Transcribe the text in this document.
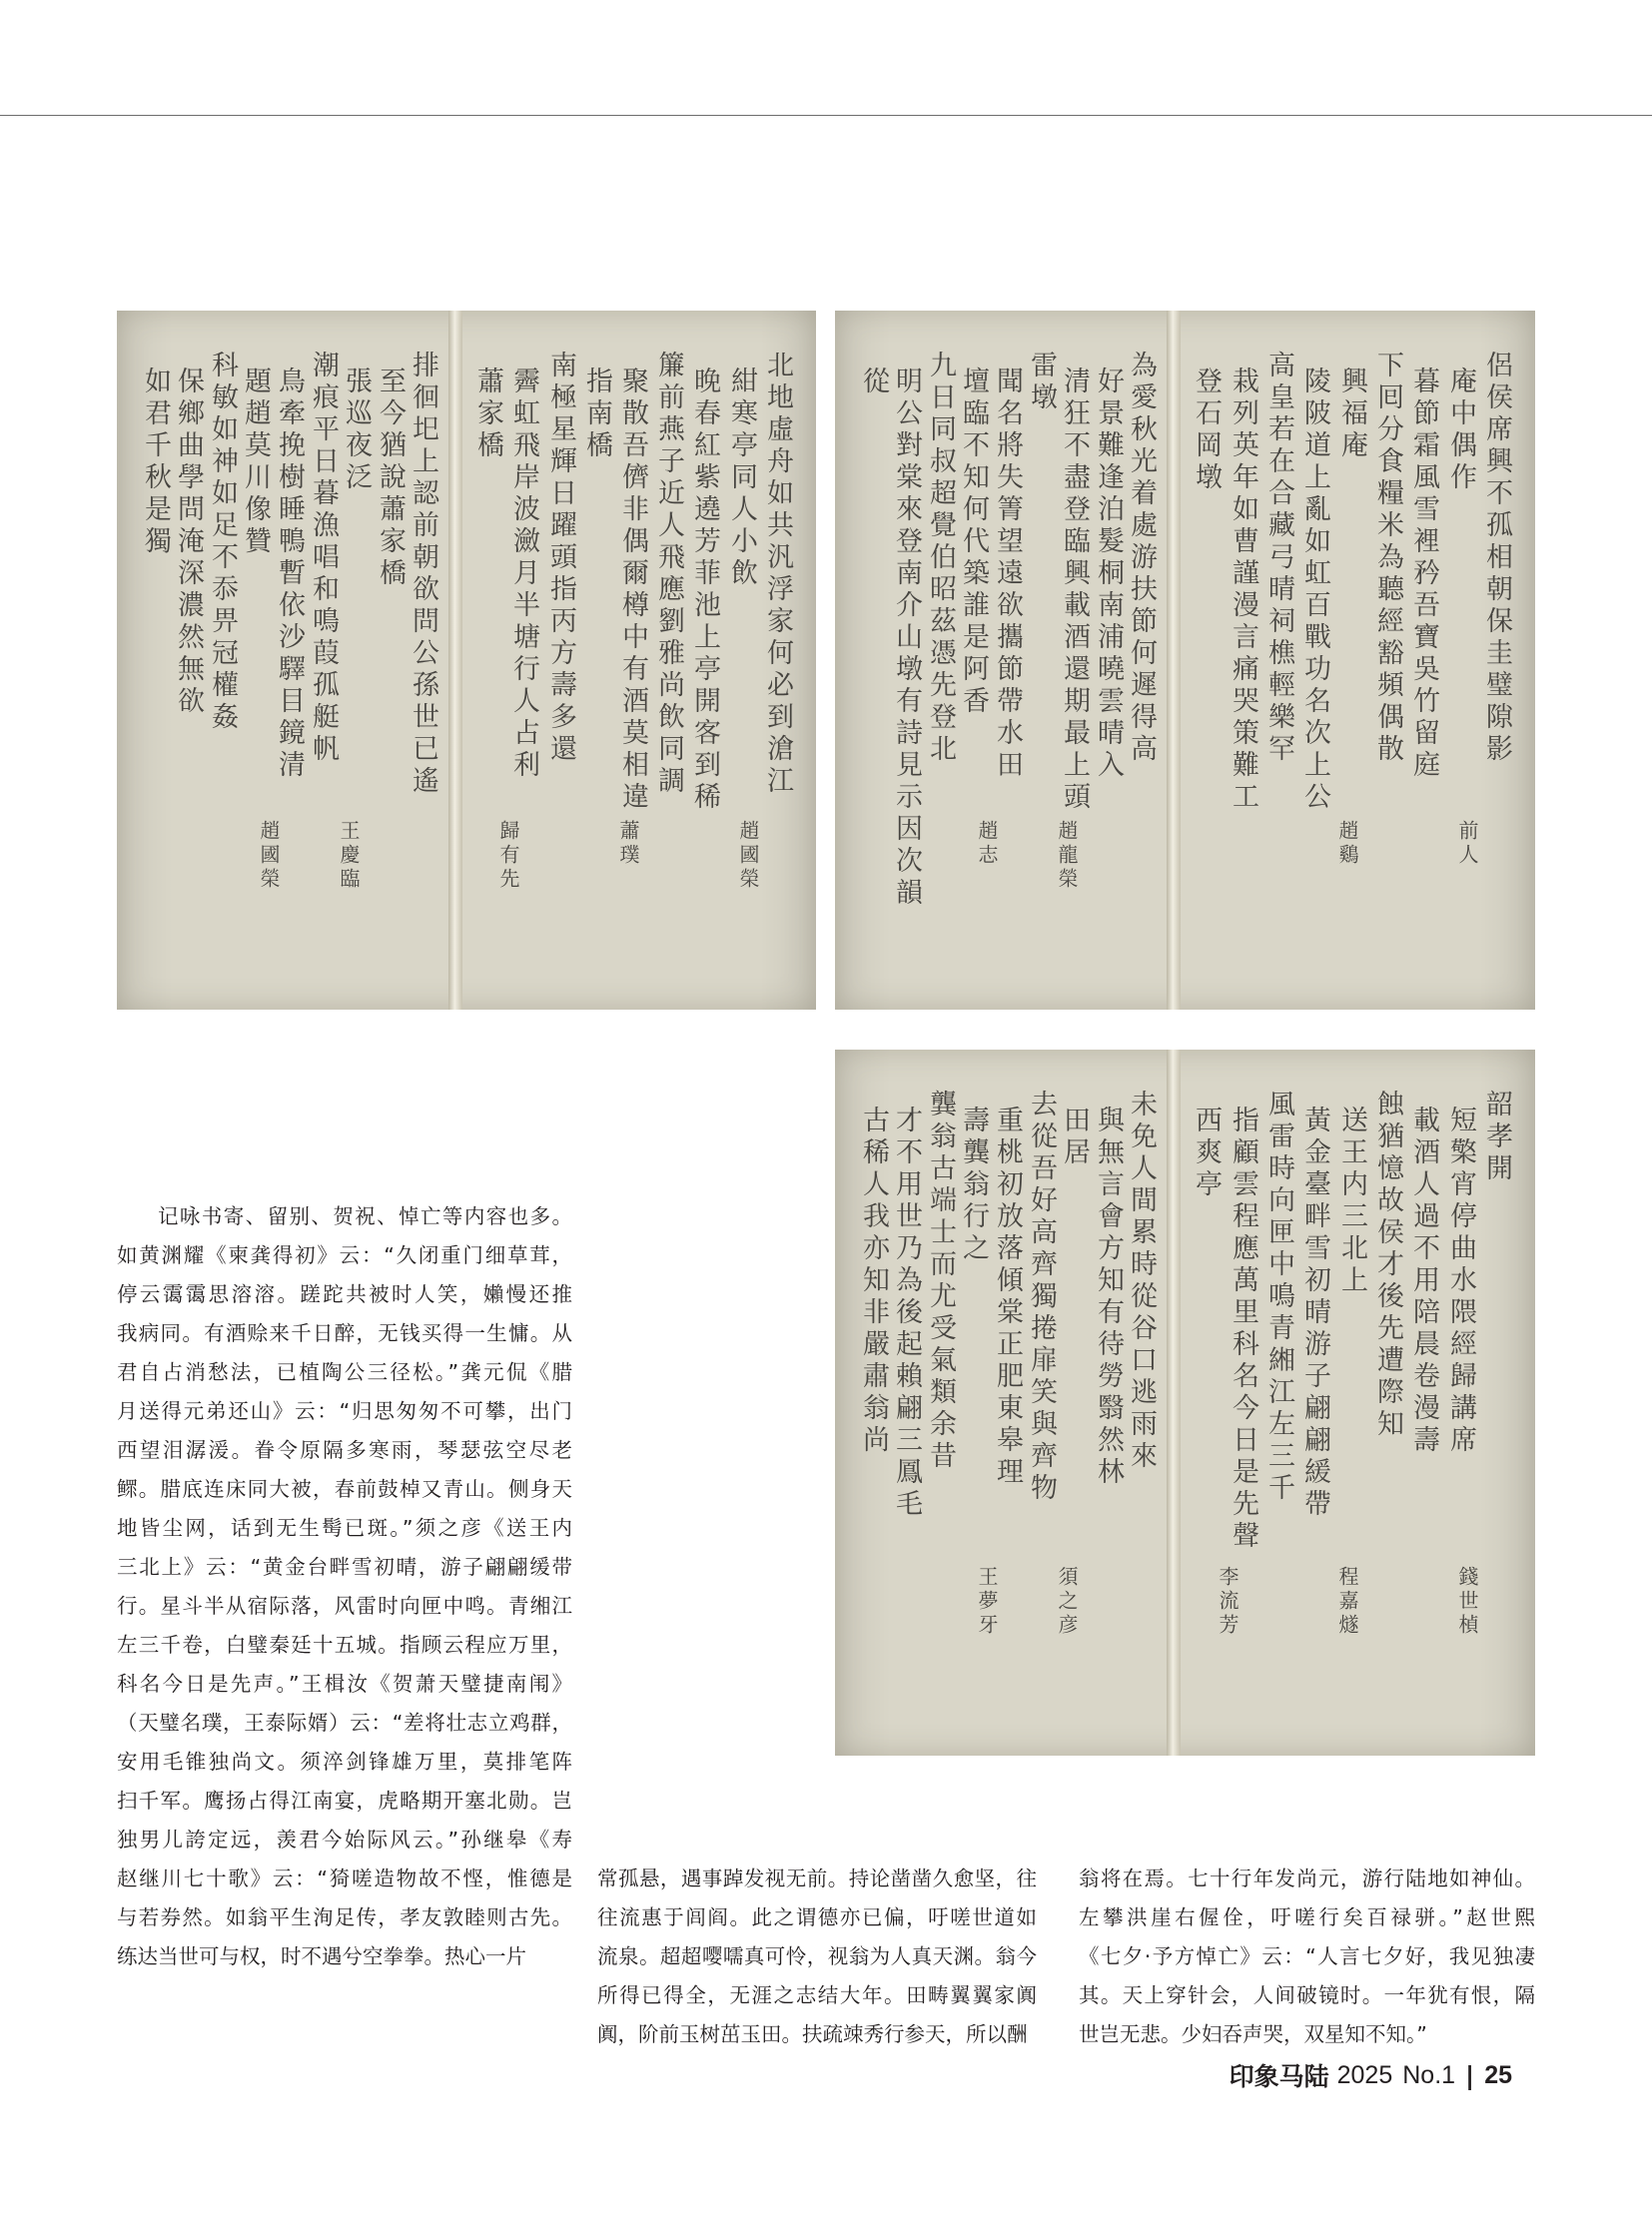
北地虛舟如共汎浮家何必到滄江
紺寒亭同人小飲
晚春紅紫遶芳菲池上亭開客到稀
簾前燕子近人飛應劉雅尚飲同調
聚散吾儕非偶爾樽中有酒莫相違
指南橋
南極星輝日躍頭指丙方壽多還
霽虹飛岸波瀲月半塘行人占利
蕭家橋
排徊圯上認前朝欲問公孫世已遙
至今猶說蕭家橋
張巡夜泛
潮痕平日暮漁唱和鳴葭孤艇帆
鳥牽挽樹睡鴨暫依沙驛目鏡清
題趙莫川像贊
科敏如神如足不忝畀冠權姦
保鄉曲學問淹深濃然無欲
如君千秋是獨
趙國榮
王慶臨	蕭璞
趙國榮	歸有先
侶侯席興不孤相朝保圭璧隙影
庵中偶作
暮節霜風雪裡矜吾寶吳竹留庭
下囘分食糧米為聽經豁頻偶散
興福庵
陵陂道上亂如虹百戰功名次上公
高皇若在合藏弓晴祠樵輕樂罕
栽列英年如曹謹漫言痛哭策難工
登石岡墩
為愛秋光着處游扶節何遲得高
好景難逢泊髮桐南浦曉雲晴入
清狂不盡登臨興載酒還期最上頭
雷墩
聞名將失箐望遠欲攜節帶水田
壇臨不知何代築誰是阿香
九日同叔超覺伯昭茲憑先登北
明公對棠來登南介山墩有詩見示因次韻
從
前人
趙龍榮	趙鷄
趙志
韶孝開
短檠宵停曲水隈經歸講席
載酒人過不用陪晨卷漫壽
蝕猶憶故侯才後先遭際知
送王内三北上
黃金臺畔雪初晴游子翩翩緩帶
風雷時向匣中鳴青緗江左三千
指顧雲程應萬里科名今日是先聲
西爽亭
未免人間累時從谷口逃雨來
與無言會方知有待勞翳然林
田居
去從吾好高齊獨捲扉笑與齊物
重桃初放落傾棠正肥東皋理
壽龔翁行之
龔翁古端士而尤受氣類余昔
才不用世乃為後起賴翩三鳳毛
古稀人我亦知非嚴肅翁尚
錢世楨
須之彦	程嘉燧
王夢牙	李流芳
记咏书寄、留别、贺祝、悼亡等内容也多。
如黄渊耀《柬龚得初》云：“久闭重门细草茸，
停云霭霭思溶溶。蹉跎共被时人笑，嬾慢还推
我病同。有酒赊来千日醉，无钱买得一生慵。从
君自占消愁法，已植陶公三径松。”龚元侃《腊
月送得元弟还山》云：“归思匆匆不可攀，出门
西望泪潺湲。眷令原隔多寒雨，琴瑟弦空尽老
鳏。腊底连床同大被，春前鼓棹又青山。侧身天
地皆尘网，话到无生髩已斑。”须之彦《送王内
三北上》云：“黄金台畔雪初晴，游子翩翩缓带
行。星斗半从宿际落，风雷时向匣中鸣。青缃江
左三千卷，白璧秦廷十五城。指顾云程应万里，
科名今日是先声。”王楫汝《贺萧天璧捷南闱》
（天璧名璞，王泰际婿）云：“差将壮志立鸡群，
安用毛锥独尚文。须淬剑锋雄万里，莫排笔阵
扫千军。鹰扬占得江南宴，虎略期开塞北勋。岂
独男儿誇定远，羡君今始际风云。”孙继皋《寿
赵继川七十歌》云：“猗嗟造物故不悭，惟德是
与若券然。如翁平生洵足传，孝友敦睦则古先。
练达当世可与权，时不遇兮空拳拳。热心一片
常孤悬，遇事踔发视无前。持论凿凿久愈坚，往
往流惠于闾阎。此之谓德亦已偏，吁嗟世道如
流泉。超超嘤嚅真可怜，视翁为人真天渊。翁今
所得已得全，无涯之志结大年。田畴翼翼家阗
阗，阶前玉树茁玉田。扶疏竦秀行参天，所以酬
翁将在焉。七十行年发尚元，游行陆地如神仙。
左攀洪崖右偓佺，吁嗟行矣百禄骈。”赵世熙
《七夕·予方悼亡》云：“人言七夕好，我见独凄
其。天上穿针会，人间破镜时。一年犹有恨，隔
世岂无悲。少妇吞声哭，双星知不知。”
印象马陆 2025 No.1 | 25
